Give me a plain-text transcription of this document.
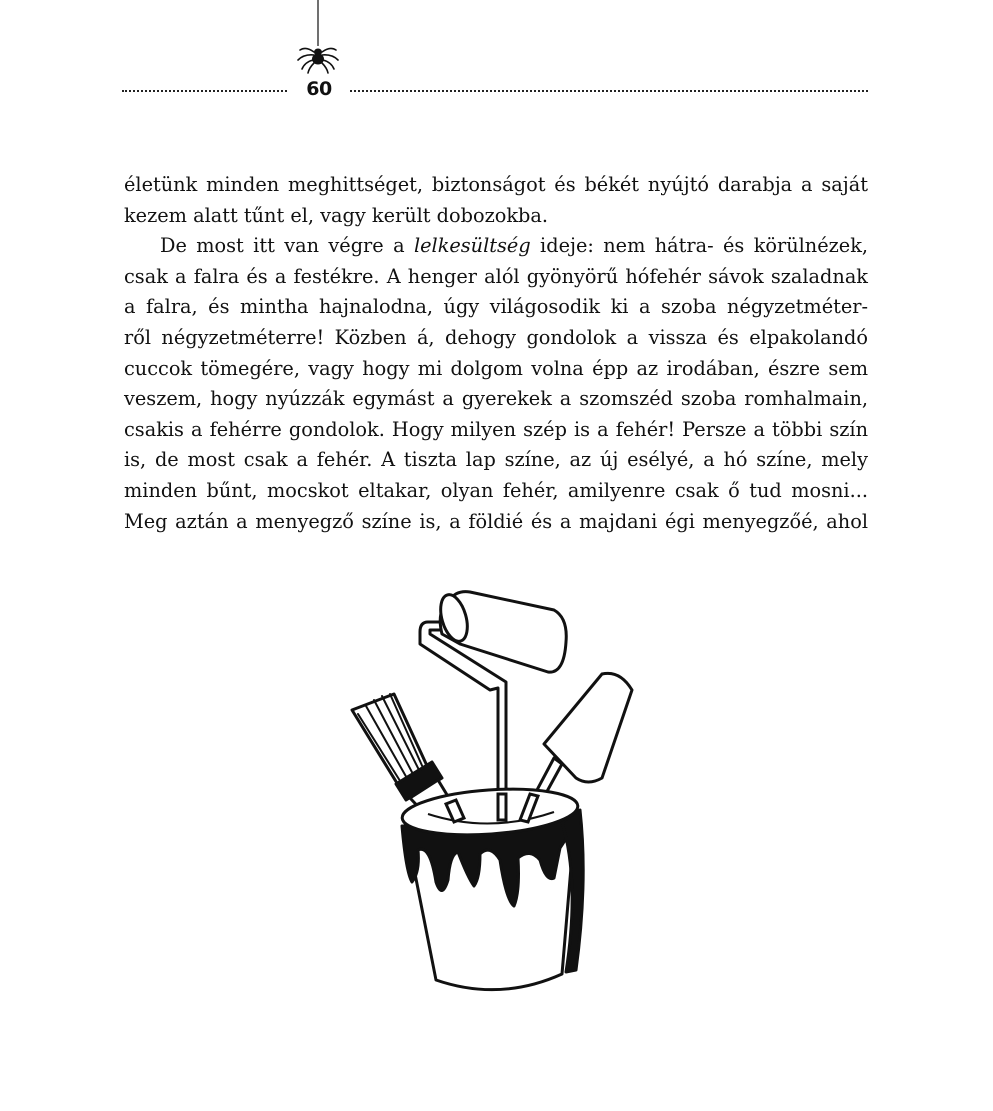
60

életünk minden meghittséget, biztonságot és békét nyújtó darabja a saját

kezem alatt tűnt el, vagy került dobozokba.

De most itt van végre a lelkesültség ideje: nem hátra- és körülnézek,

csak a falra és a festékre. A henger alól gyönyörű hófehér sávok szaladnak

a falra, és mintha hajnalodna, úgy világosodik ki a szoba négyzetméter-

ről négyzetméterre! Közben á, dehogy gondolok a vissza és elpakolandó

cuccok tömegére, vagy hogy mi dolgom volna épp az irodában, észre sem

veszem, hogy nyúzzák egymást a gyerekek a szomszéd szoba romhalmain,

csakis a fehérre gondolok. Hogy milyen szép is a fehér! Persze a többi szín

is, de most csak a fehér. A tiszta lap színe, az új esélyé, a hó színe, mely

minden bűnt, mocskot eltakar, olyan fehér, amilyenre csak ő tud mosni...

Meg aztán a menyegző színe is, a földié és a majdani égi menyegzőé, ahol
